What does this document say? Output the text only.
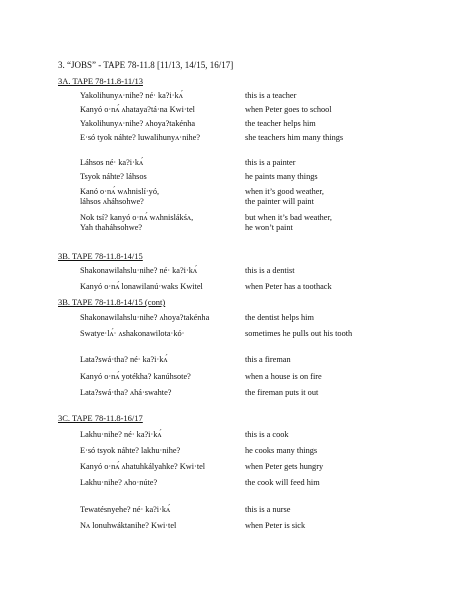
3. “JOBS” - TAPE 78-11.8 [11/13, 14/15, 16/17]
3A. TAPE 78-11.8-11/13
Yakolihunyʌ·nihe? né· ka?i·kʌ́	this is a teacher
Kanyó o·nʌ́ ʌhataya?tá·na Kwi·tel	when Peter goes to school
Yakolihunyʌ·nihe? ʌhoya?takénha	the teacher helps him
E·só tyok náhte? luwalihunyʌ·nihe?	she teachers him many things
Láhsos né· ka?i·kʌ́	this is a painter
Tsyok náhte? láhsos	he paints many things
Kanó o·nʌ́ wʌhnislí·yó,	when it’s good weather,
láhsos ʌháhsohwe?	the painter will paint
Nok tsí? kanyó o·nʌ́ wʌhnislákśʌ,	but when it’s bad weather,
Yah thaháhsohwe?	he won’t paint
3B. TAPE 78-11.8-14/15
Shakonawilahslu·nihe? né· ka?i·kʌ́	this is a dentist
Kanyó o·nʌ́ lonawilanú·waks Kwitel	when Peter has a toothack
3B. TAPE 78-11.8-14/15 (cont)
Shakonawilahslu·nihe? ʌhoya?takénha	the dentist helps him
Swatye·lʌ́· ʌshakonawilota·kó·	sometimes he pulls out his tooth
Lata?swá·tha? né· ka?i·kʌ́	this a fireman
Kanyó o·nʌ́ yotékha? kanúhsote?	when a house is on fire
Lata?swá·tha? ʌhá·swahte?	the fireman puts it out
3C. TAPE 78-11.8-16/17
Lakhu·nihe? né· ka?i·kʌ́	this is a cook
E·só tsyok náhte? lakhu·nihe?	he cooks many things
Kanyó o·nʌ́ ʌhatuhkályahke? Kwi·tel	when Peter gets hungry
Lakhu·nihe? ʌho·núte?	the cook will feed him
Tewatésnyehe? né· ka?i·kʌ́	this is a nurse
Nʌ lonuhwáktanihe? Kwi·tel	when Peter is sick
